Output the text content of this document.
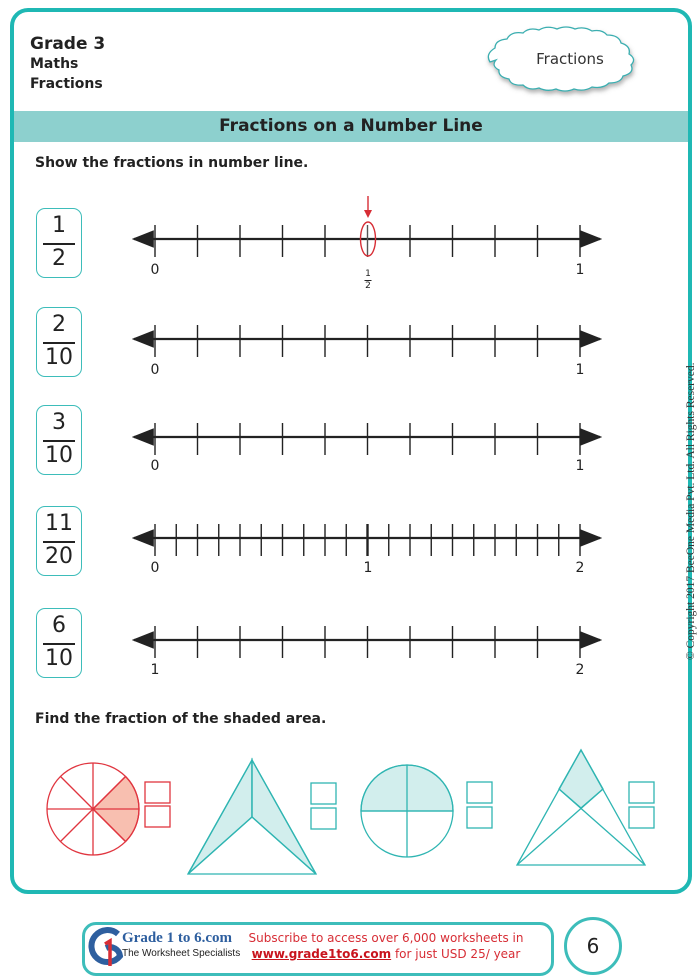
Grade 3
Maths
Fractions
Fractions
Fractions on a Number Line
Show the fractions in number line.
1
2
2
10
3
10
11
20
6
10
0	1
1
2
0	1
0	1
0	1	2
1	2
Find the fraction of the shaded area.
© Copyright 2017 BeeOne Media Pvt. Ltd. All Rights Reserved.
Grade 1 to 6.com
The Worksheet Specialists
Subscribe to access over 6,000 worksheets in
www.grade1to6.com for just USD 25/ year	6
